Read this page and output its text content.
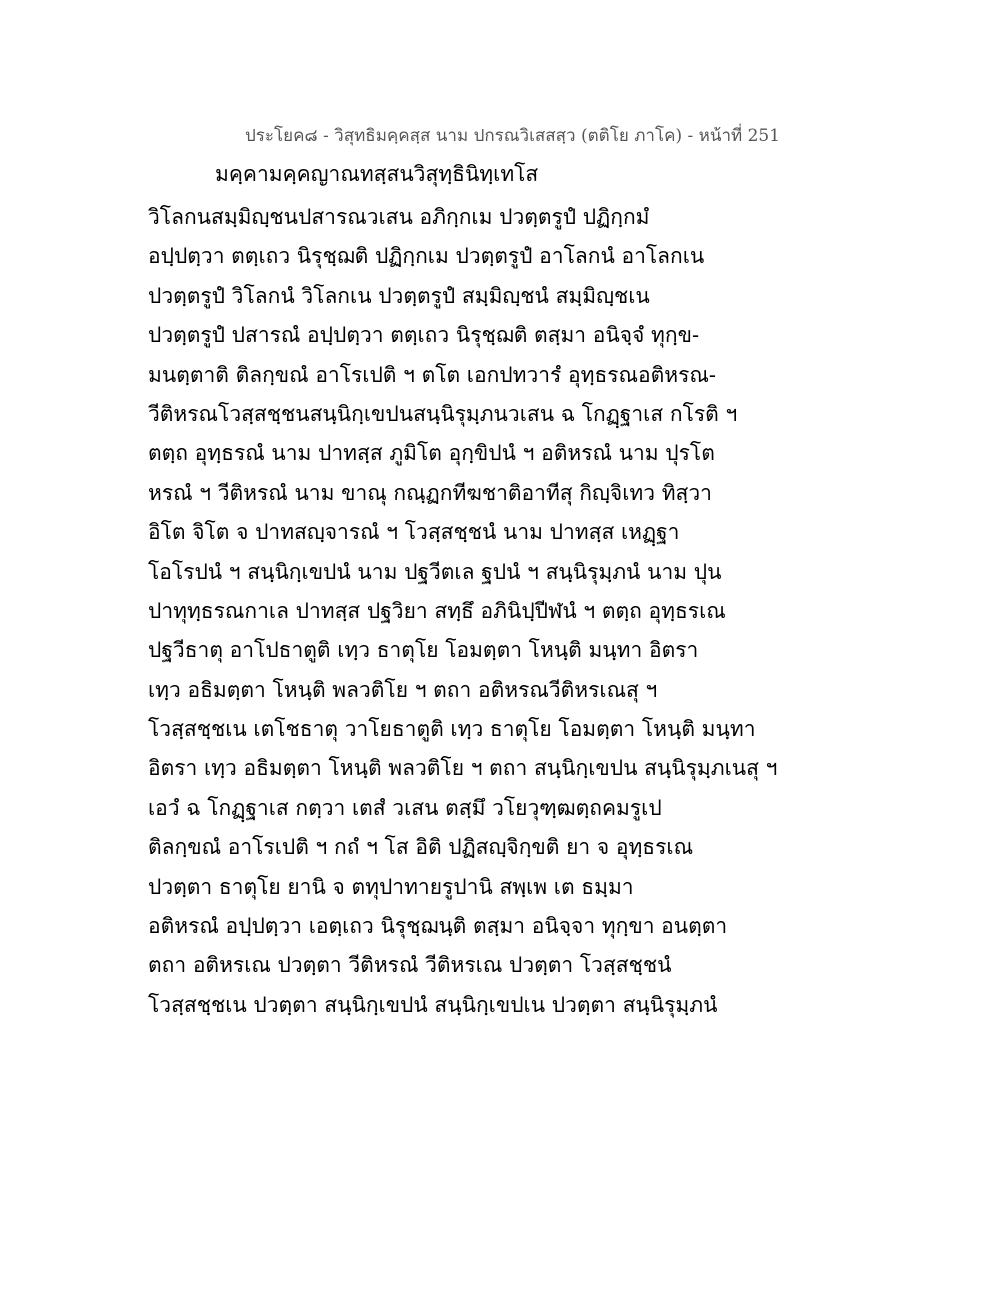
ประโยค๘ - วิสุทธิมคฺคสฺส นาม ปกรณวิเสสสฺว (ตติโย ภาโค) - หน้าที่ 251
มคฺคามคฺคญาณทสฺสนวิสุทฺธินิทฺเทโส
วิโลกนสมฺมิญฺชนปสารณวเสน อภิกฺกเม ปวตฺตรูปํ ปฏิกฺกมํ
อปฺปตฺวา ตตฺเถว นิรุชฺฌติ ปฏิกฺกเม ปวตฺตรูปํ อาโลกนํ อาโลกเน
ปวตฺตรูปํ วิโลกนํ วิโลกเน ปวตฺตรูปํ สมฺมิญฺชนํ สมฺมิญฺชเน
ปวตฺตรูปํ ปสารณํ อปฺปตฺวา ตตฺเถว นิรุชฺฌติ ตสฺมา อนิจฺจํ ทุกฺข-
มนตฺตาติ ติลกฺขณํ อาโรเปติ ฯ ตโต เอกปทวารํ อุทฺธรณอติหรณ-
วีติหรณโวสฺสชฺชนสนฺนิกฺเขปนสนฺนิรุมฺภนวเสน ฉ โกฏฺฐาเส กโรติ ฯ
ตตฺถ อุทฺธรณํ นาม ปาทสฺส ภูมิโต อุกฺขิปนํ ฯ อติหรณํ นาม ปุรโต
หรณํ ฯ วีติหรณํ นาม ขาณุ กณฺฏกทีฆชาติอาทีสุ กิญฺจิเทว ทิสฺวา
อิโต จิโต จ ปาทสญฺจารณํ ฯ โวสฺสชฺชนํ นาม ปาทสฺส เหฏฺฐา
โอโรปนํ ฯ สนฺนิกฺเขปนํ นาม ปฐวีตเล ฐปนํ ฯ สนฺนิรุมฺภนํ นาม ปุน
ปาทุทฺธรณกาเล ปาทสฺส ปฐวิยา สทฺธึ อภินิปฺปีฬนํ ฯ ตตฺถ อุทฺธรเณ
ปฐวีธาตุ อาโปธาตูติ เทฺว ธาตุโย โอมตฺตา โหนฺติ มนฺทา อิตรา
เทฺว อธิมตฺตา โหนฺติ พลวติโย ฯ ตถา อติหรณวีติหรเณสุ ฯ
โวสฺสชฺชเน เตโชธาตุ วาโยธาตูติ เทฺว ธาตุโย โอมตฺตา โหนฺติ มนฺทา
อิตรา เทฺว อธิมตฺตา โหนฺติ พลวติโย ฯ ตถา สนฺนิกฺเขปน สนฺนิรุมฺภเนสุ ฯ
เอวํ ฉ โกฏฺฐาเส กตฺวา เตสํ วเสน ตสฺมึ วโยวุฑฺฒตฺถคมรูเป
ติลกฺขณํ อาโรเปติ ฯ กถํ ฯ โส อิติ ปฏิสญฺจิกฺขติ ยา จ อุทฺธรเณ
ปวตฺตา ธาตุโย ยานิ จ ตทุปาทายรูปานิ สพฺเพ เต ธมฺมา
อติหรณํ อปฺปตฺวา เอตฺเถว นิรุชฺฌนฺติ ตสฺมา อนิจฺจา ทุกฺขา อนตฺตา
ตถา อติหรเณ ปวตฺตา วีติหรณํ วีติหรเณ ปวตฺตา โวสฺสชฺชนํ
โวสฺสชฺชเน ปวตฺตา สนฺนิกฺเขปนํ สนฺนิกฺเขปเน ปวตฺตา สนฺนิรุมฺภนํ
